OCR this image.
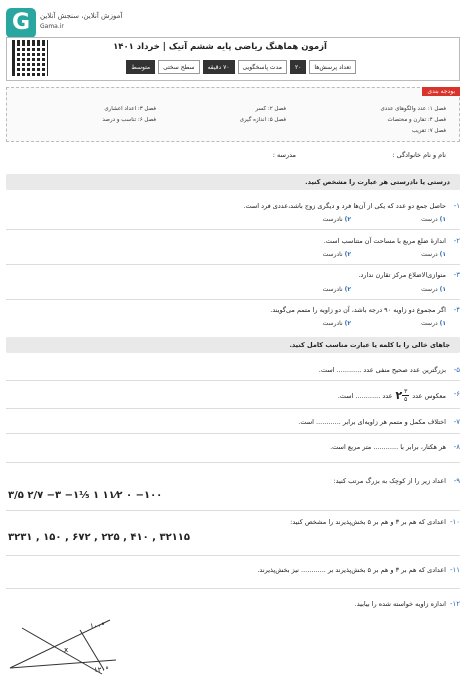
G آموزش آنلاین، سنجش آنلاین
Gama.ir
آزمون هماهنگ ریاضی پایه ششم آتیک | خرداد ۱۴۰۱
تعداد پرسش‌ها
۲۰
مدت پاسخگویی
۷۰ دقیقه
سطح سختی
متوسط
بودجه بندی
فصل ۱: عدد والگوهای عددی
فصل ۲: کسر
فصل ۳: اعداد اعشاری
فصل ۴: تقارن و مختصات
فصل ۵: اندازه گیری
فصل ۶: تناسب و درصد
فصل ۷: تقریب
نام و نام خانوادگی :
مدرسه :
درستی یا نادرستی هر عبارت را مشخص کنید.
۱-
حاصل جمع دو عدد که یکی از آن‌ها فرد و دیگری زوج باشد،عددی فرد است.
۱) درست
۲) نادرست
۲-
اندازهٔ ضلع مربع با مساحت آن متناسب است.
۱) درست
۲) نادرست
۳-
متوازی‌الاضلاع مرکز تقارن ندارد.
۱) درست
۲) نادرست
۴-
اگر مجموع دو زاویه ۹۰ درجه باشد، آن دو زاویه را متمم می‌گویند.
۱) درست
۲) نادرست
جاهای خالی را با کلمه یا عبارت مناسب کامل کنید.
۵-
بزرگترین عدد صحیح منفی عدد ............ است.
۶-
معکوس عدد
۲ ۳
۵
عدد ............ است.
۷-
اختلاف مکمل و متمم هر زاویه‌ای برابر ............ است.
۸-
هر هکتار، برابر با ............ متر مربع است.
۹-
اعداد زیر را از کوچک به بزرگ مرتب کنید:
۳/۵ ۲/۷ −۳ −۱⅕ ۱ ۱۱⁄۲ ۰ −۱۰۰
۱۰-
اعدادی که هم بر ۳ و هم بر ۵ بخش‌پذیرند را مشخص کنید:
۳۲۳۱ , ۱۵۰ , ۶۷۲ , ۲۲۵ , ۴۱۰ , ۳۲۱۱۵
۱۱-
اعدادی که هم بر ۳ و هم بر ۵ بخش‌پذیرند بر ............ نیز بخش‌پذیرند.
۱۲-
اندازه زاویه خواسته شده را بیابید.
۱۰۰°
۱۲۰°
x
